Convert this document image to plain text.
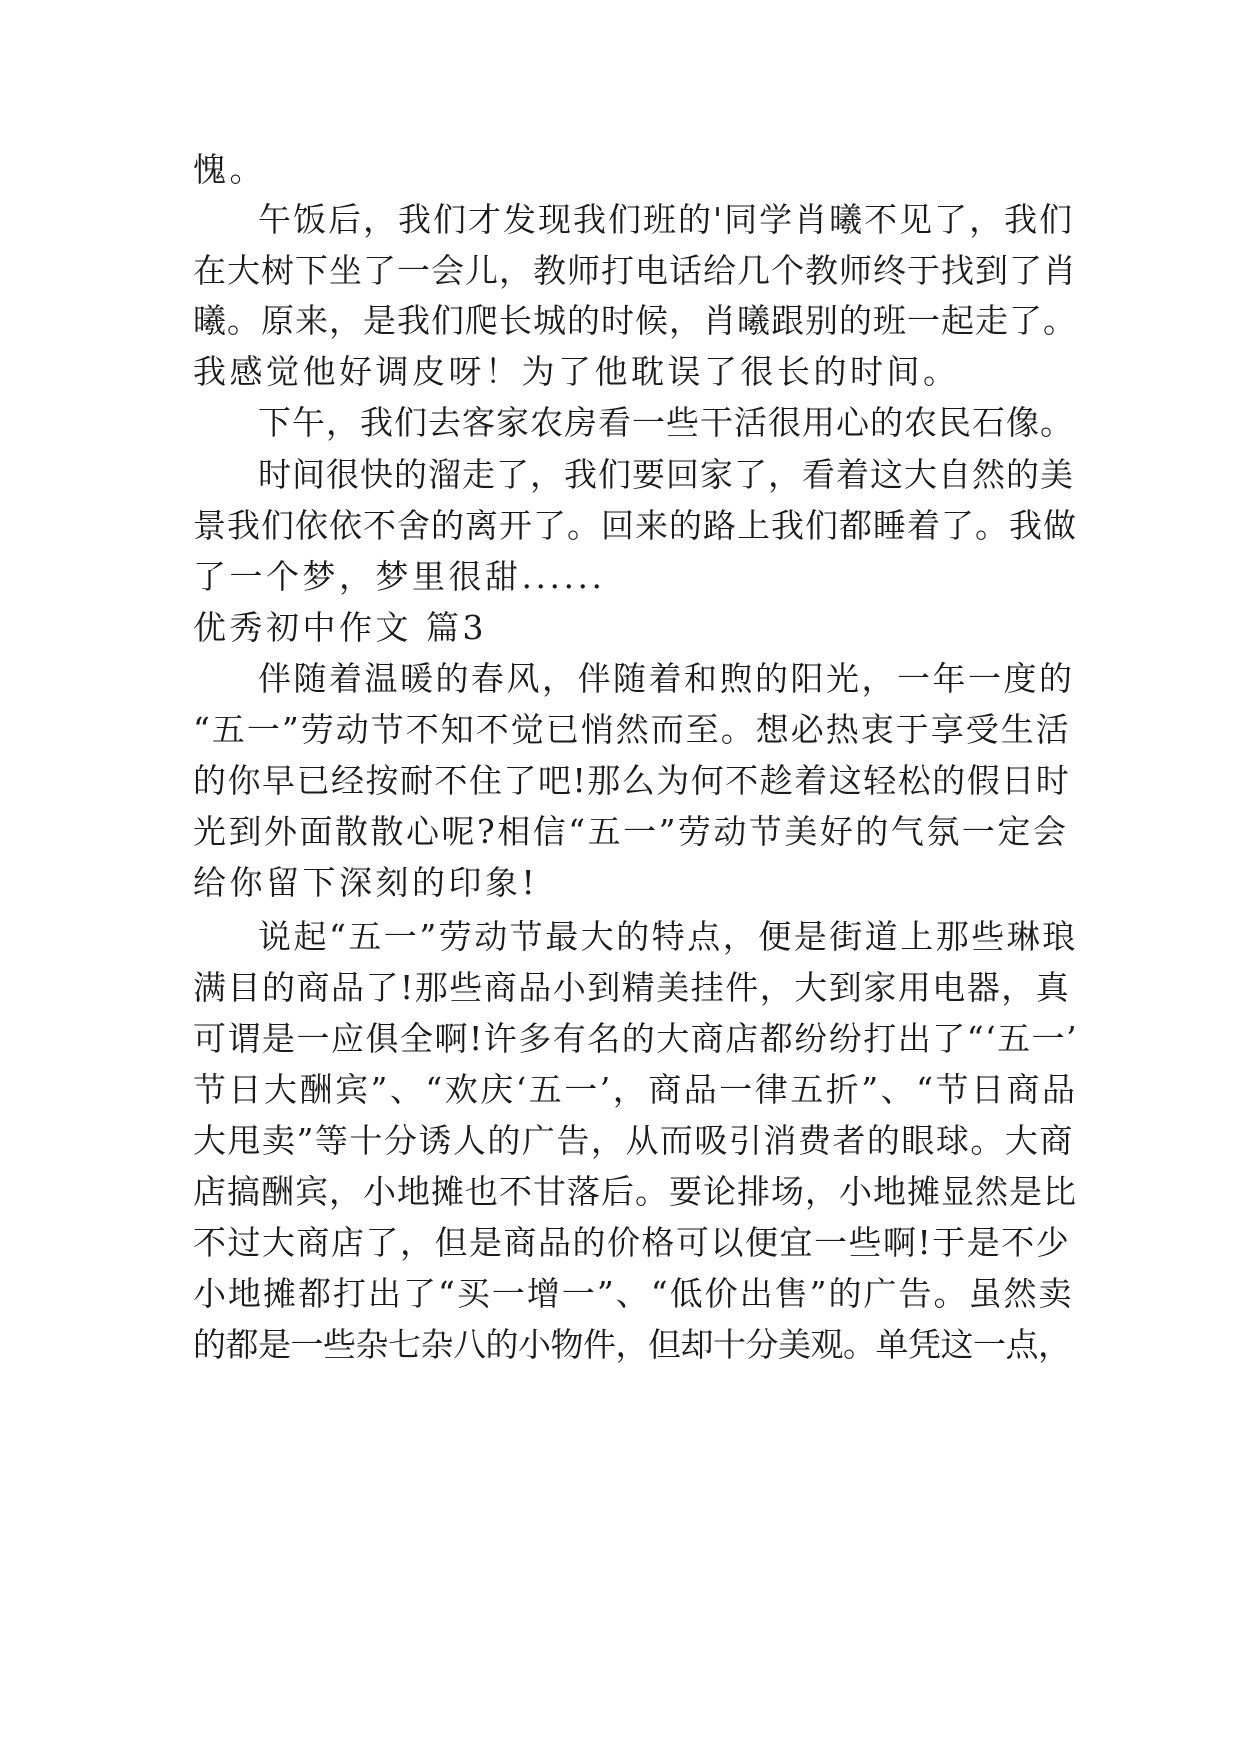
愧。
午饭后，我们才发现我们班的'同学肖曦不见了，我们
在大树下坐了一会儿，教师打电话给几个教师终于找到了肖
曦。原来，是我们爬长城的时候，肖曦跟别的班一起走了。
我感觉他好调皮呀！为了他耽误了很长的时间。
下午，我们去客家农房看一些干活很用心的农民石像。
时间很快的溜走了，我们要回家了，看着这大自然的美
景我们依依不舍的离开了。回来的路上我们都睡着了。我做
了一个梦，梦里很甜......
优秀初中作文 篇3
伴随着温暖的春风，伴随着和煦的阳光，一年一度的
“五一”劳动节不知不觉已悄然而至。想必热衷于享受生活
的你早已经按耐不住了吧!那么为何不趁着这轻松的假日时
光到外面散散心呢?相信“五一”劳动节美好的气氛一定会
给你留下深刻的印象!
说起“五一”劳动节最大的特点，便是街道上那些琳琅
满目的商品了!那些商品小到精美挂件，大到家用电器，真
可谓是一应俱全啊!许多有名的大商店都纷纷打出了“‘五一’
节日大酬宾”、“欢庆‘五一’，商品一律五折”、“节日商品
大甩卖”等十分诱人的广告，从而吸引消费者的眼球。大商
店搞酬宾，小地摊也不甘落后。要论排场，小地摊显然是比
不过大商店了，但是商品的价格可以便宜一些啊!于是不少
小地摊都打出了“买一增一”、“低价出售”的广告。虽然卖
的都是一些杂七杂八的小物件，但却十分美观。单凭这一点，
